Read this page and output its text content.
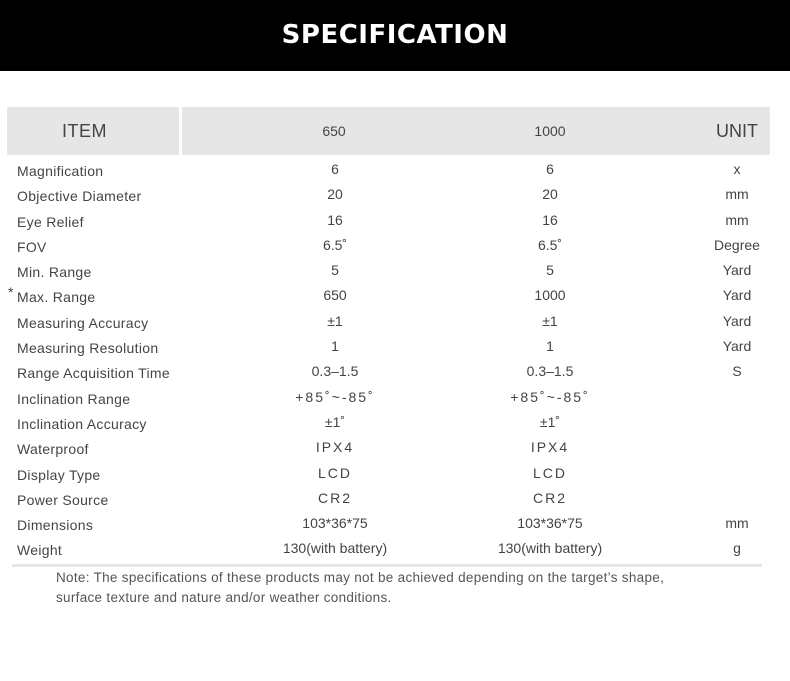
SPECIFICATION
ITEM	650	1000	UNIT
Magnification	6	6	x
Objective Diameter	20	20	mm
Eye Relief	16	16	mm
FOV	6.5˚	6.5˚	Degree
Min. Range	5	5	Yard
* Max. Range	650	1000	Yard
Measuring Accuracy	±1	±1	Yard
Measuring Resolution	1	1	Yard
Range Acquisition Time	0.3–1.5	0.3–1.5	S
Inclination Range	+85˚~-85˚	+85˚~-85˚
Inclination Accuracy	±1˚	±1˚
Waterproof	IPX4	IPX4
Display Type	LCD	LCD
Power Source	CR2	CR2
Dimensions	103*36*75	103*36*75	mm
Weight	130(with battery)	130(with battery)	g
Note: The specifications of these products may not be achieved depending on the target’s shape,
surface texture and nature and/or weather conditions.
